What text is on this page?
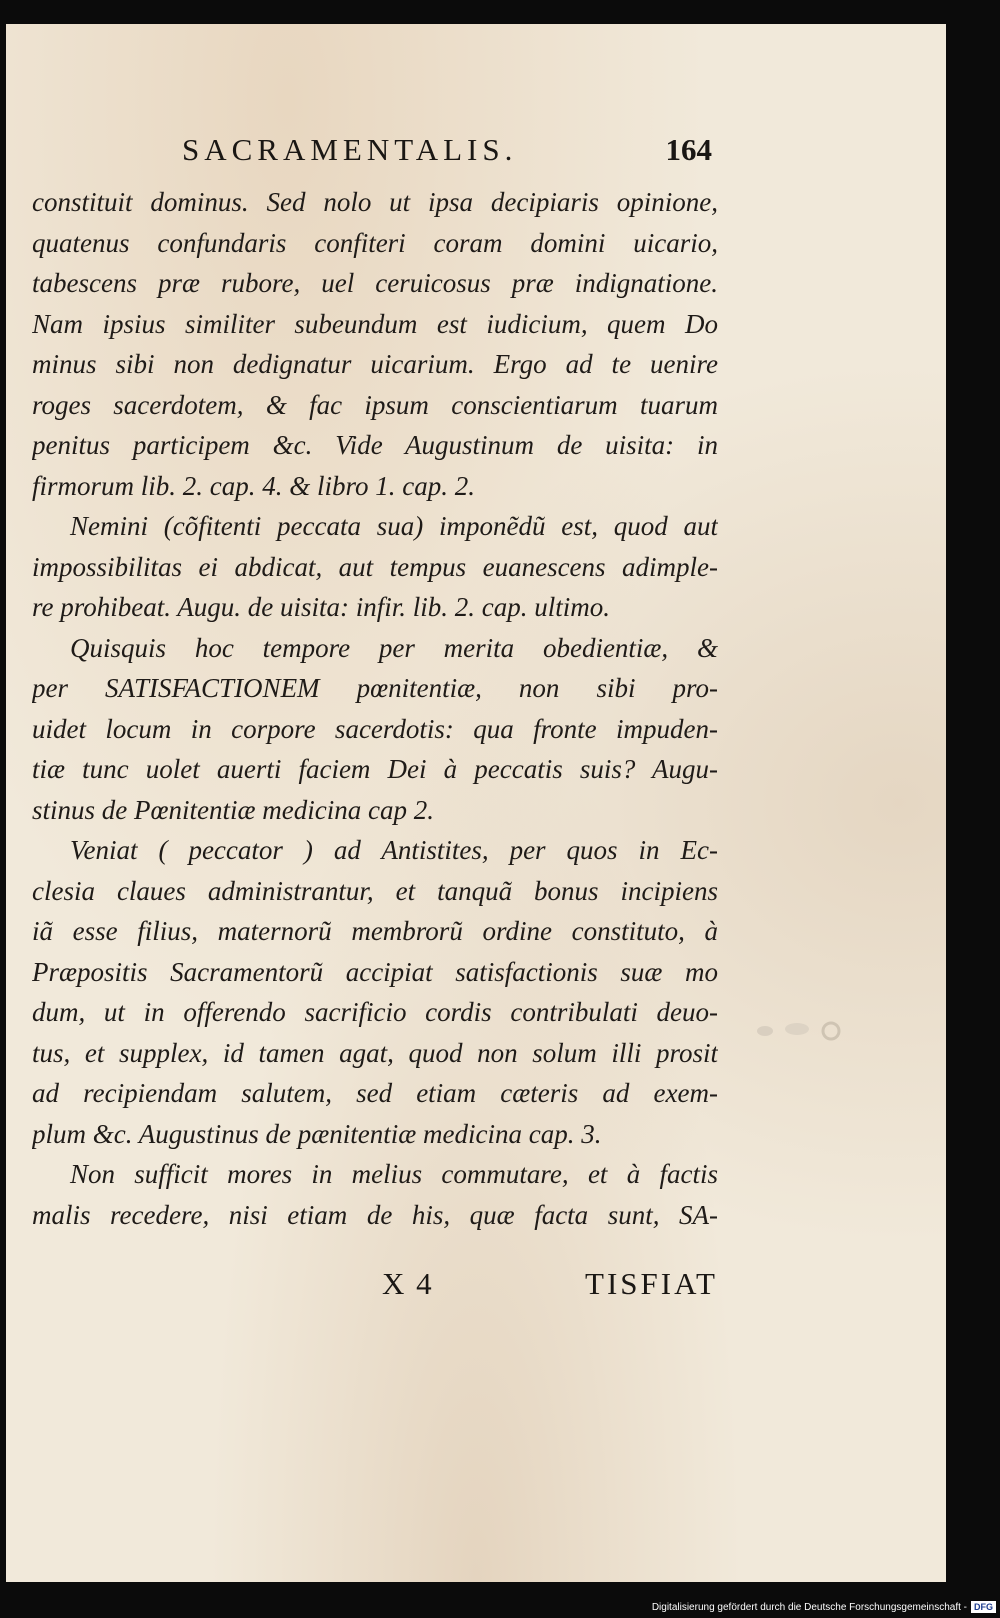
SACRAMENTALIS.	164
constituit dominus. Sed nolo ut ipsa decipiaris opinione,
quatenus confundaris confiteri coram domini uicario,
tabescens præ rubore, uel ceruicosus præ indignatione.
Nam ipsius similiter subeundum est iudicium, quem Do
minus sibi non dedignatur uicarium. Ergo ad te uenire
roges sacerdotem, & fac ipsum conscientiarum tuarum
penitus participem &c. Vide Augustinum de uisita: in
firmorum lib. 2. cap. 4. & libro 1. cap. 2.
Nemini (cõfitenti peccata sua) imponẽdũ est, quod aut
impossibilitas ei abdicat, aut tempus euanescens adimple-
re prohibeat. Augu. de uisita: infir. lib. 2. cap. ultimo.
Quisquis hoc tempore per merita obedientiæ, &
per SATISFACTIONEM pœnitentiæ, non sibi pro-
uidet locum in corpore sacerdotis: qua fronte impuden-
tiæ tunc uolet auerti faciem Dei à peccatis suis? Augu-
stinus de Pœnitentiæ medicina cap 2.
Veniat ( peccator ) ad Antistites, per quos in Ec-
clesia claues administrantur, et tanquã bonus incipiens
iã esse filius, maternorũ membrorũ ordine constituto, à
Præpositis Sacramentorũ accipiat satisfactionis suæ mo
dum, ut in offerendo sacrificio cordis contribulati deuo-
tus, et supplex, id tamen agat, quod non solum illi prosit
ad recipiendam salutem, sed etiam cæteris ad exem-
plum &c. Augustinus de pænitentiæ medicina cap. 3.
Non sufficit mores in melius commutare, et à factis
malis recedere, nisi etiam de his, quæ facta sunt, SA-
X 4	TISFIAT
Digitalisierung gefördert durch die Deutsche Forschungsgemeinschaft - DFG
